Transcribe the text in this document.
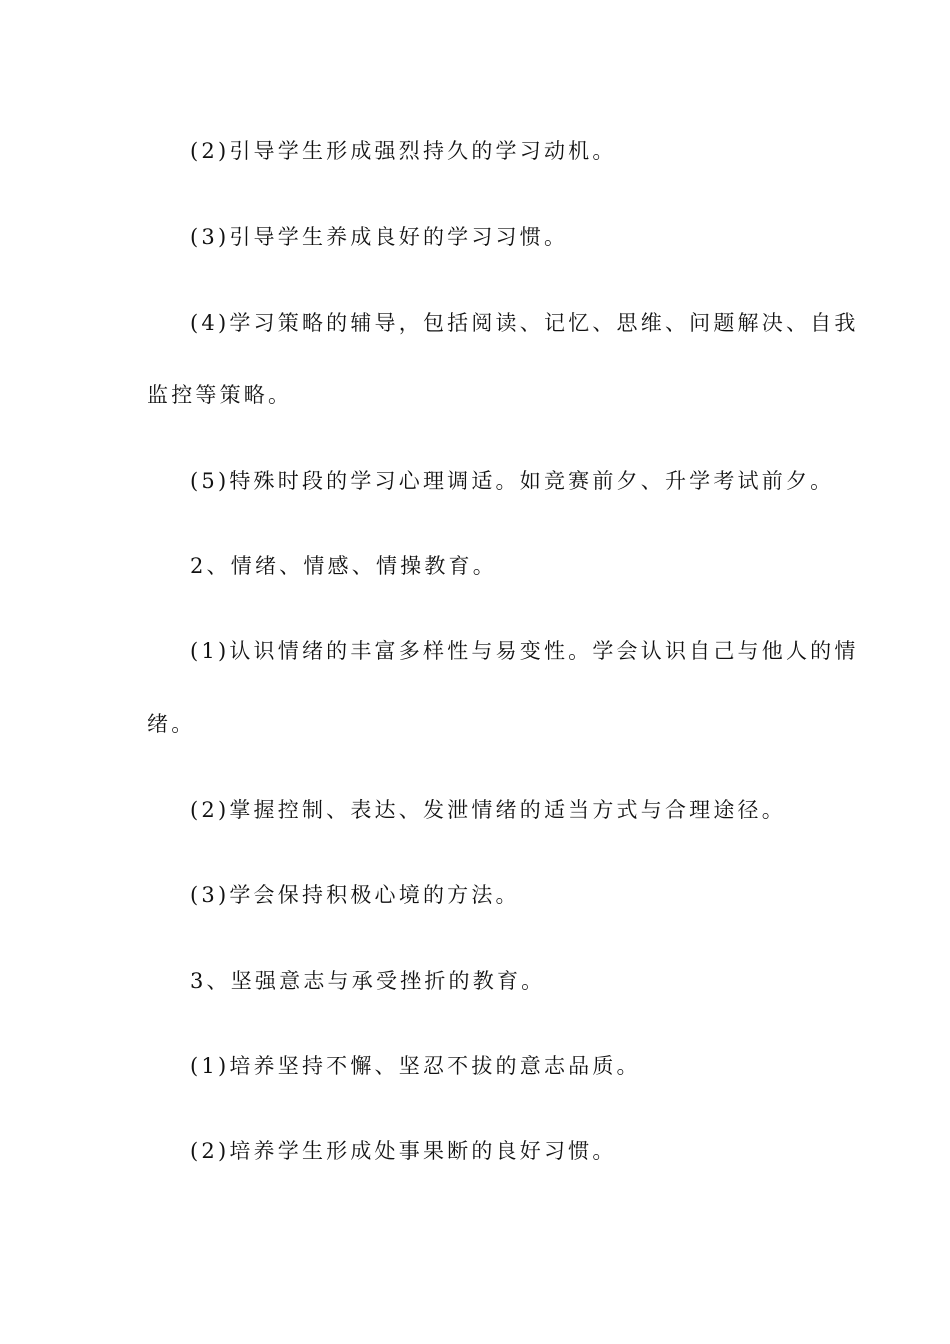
(2)引导学生形成强烈持久的学习动机。
(3)引导学生养成良好的学习习惯。
(4)学习策略的辅导，包括阅读、记忆、思维、问题解决、自我
监控等策略。
(5)特殊时段的学习心理调适。如竞赛前夕、升学考试前夕。
2、情绪、情感、情操教育。
(1)认识情绪的丰富多样性与易变性。学会认识自己与他人的情
绪。
(2)掌握控制、表达、发泄情绪的适当方式与合理途径。
(3)学会保持积极心境的方法。
3、坚强意志与承受挫折的教育。
(1)培养坚持不懈、坚忍不拔的意志品质。
(2)培养学生形成处事果断的良好习惯。
